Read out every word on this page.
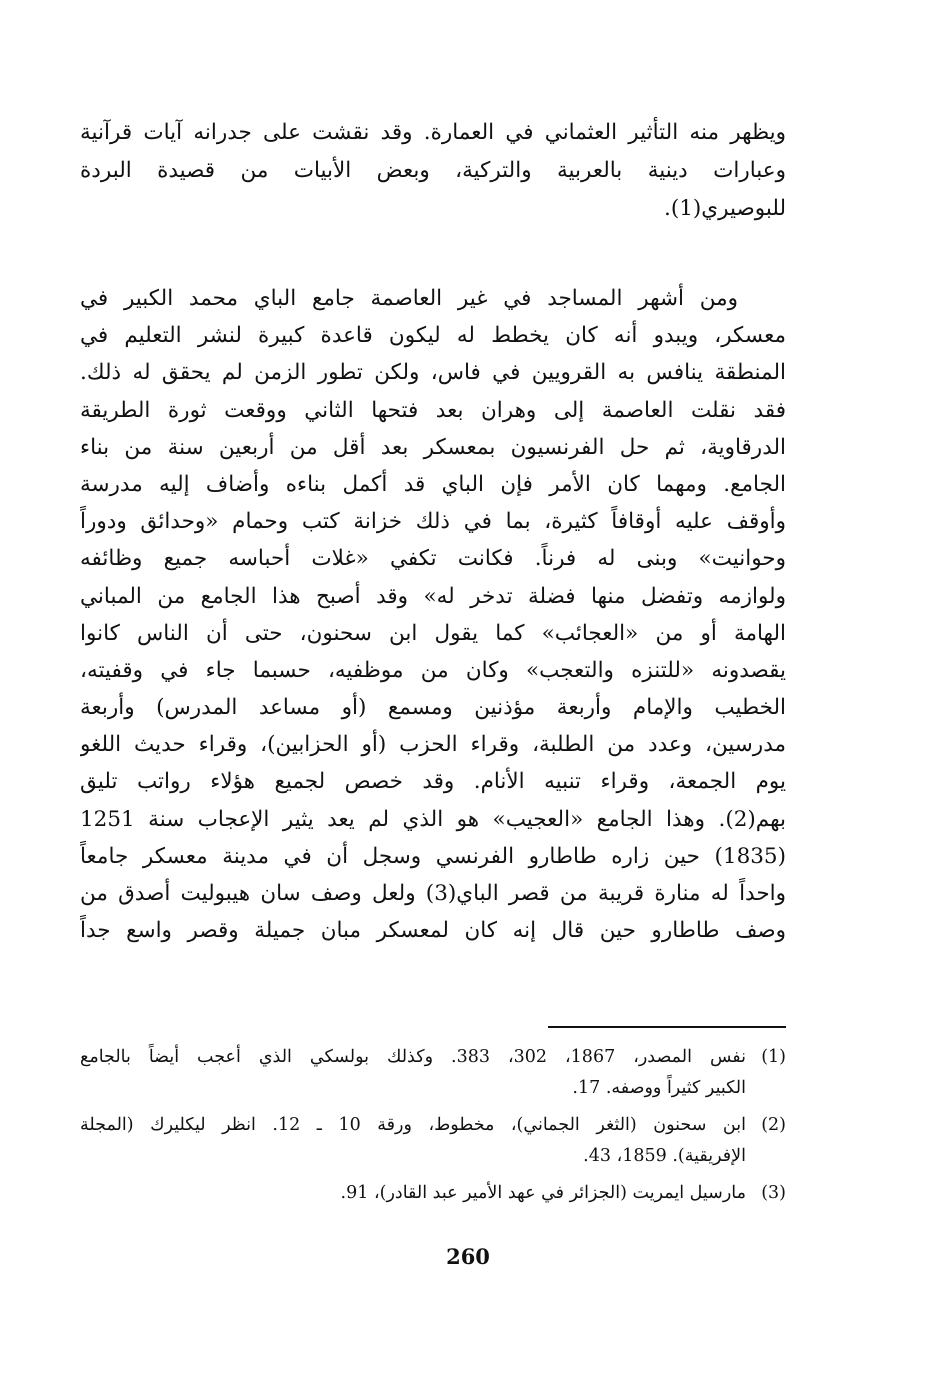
ويظهر منه التأثير العثماني في العمارة. وقد نقشت على جدرانه آيات قرآنية
وعبارات دينية بالعربية والتركية، وبعض الأبيات من قصيدة البردة
للبوصيري(1).
ومن أشهر المساجد في غير العاصمة جامع الباي محمد الكبير في
معسكر، ويبدو أنه كان يخطط له ليكون قاعدة كبيرة لنشر التعليم في
المنطقة ينافس به القرويين في فاس، ولكن تطور الزمن لم يحقق له ذلك.
فقد نقلت العاصمة إلى وهران بعد فتحها الثاني ووقعت ثورة الطريقة
الدرقاوية، ثم حل الفرنسيون بمعسكر بعد أقل من أربعين سنة من بناء
الجامع. ومهما كان الأمر فإن الباي قد أكمل بناءه وأضاف إليه مدرسة
وأوقف عليه أوقافاً كثيرة، بما في ذلك خزانة كتب وحمام «وحدائق ودوراً
وحوانيت» وبنى له فرناً. فكانت تكفي «غلات أحباسه جميع وظائفه
ولوازمه وتفضل منها فضلة تدخر له» وقد أصبح هذا الجامع من المباني
الهامة أو من «العجائب» كما يقول ابن سحنون، حتى أن الناس كانوا
يقصدونه «للتنزه والتعجب» وكان من موظفيه، حسبما جاء في وقفيته،
الخطيب والإمام وأربعة مؤذنين ومسمع (أو مساعد المدرس) وأربعة
مدرسين، وعدد من الطلبة، وقراء الحزب (أو الحزابين)، وقراء حديث اللغو
يوم الجمعة، وقراء تنبيه الأنام. وقد خصص لجميع هؤلاء رواتب تليق
بهم(2). وهذا الجامع «العجيب» هو الذي لم يعد يثير الإعجاب سنة 1251
(1835) حين زاره طاطارو الفرنسي وسجل أن في مدينة معسكر جامعاً
واحداً له منارة قريبة من قصر الباي(3) ولعل وصف سان هيبوليت أصدق من
وصف طاطارو حين قال إنه كان لمعسكر مبان جميلة وقصر واسع جداً
(1)
نفس المصدر، 1867، 302، 383. وكذلك بولسكي الذي أعجب أيضاً بالجامع
الكبير كثيراً ووصفه. 17.
(2)
ابن سحنون (الثغر الجماني)، مخطوط، ورقة 10 ـ 12. انظر ليكليرك (المجلة
الإفريقية). 1859، 43.
(3)
مارسيل ايمريت (الجزائر في عهد الأمير عبد القادر)، 91.
260
